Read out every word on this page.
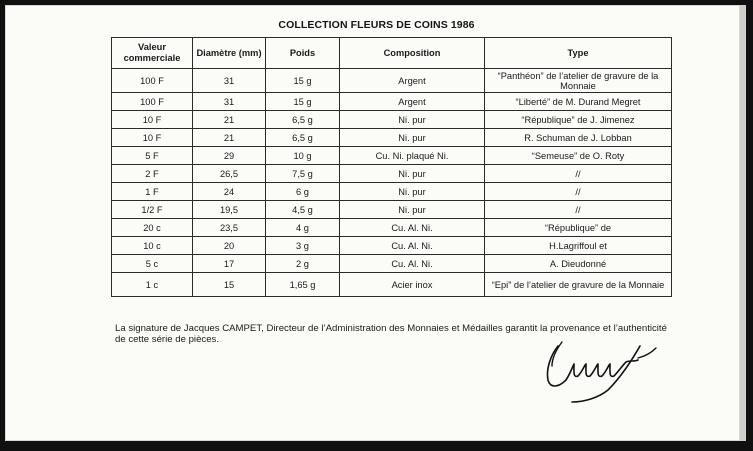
COLLECTION FLEURS DE COINS 1986
Valeur commerciale	Diamètre (mm)	Poids	Composition	Type
100 F	31	15 g	Argent	“Panthéon” de l’atelier de gravure de la Monnaie
100 F	31	15 g	Argent	“Liberté” de M. Durand Megret
10 F	21	6,5 g	Ni. pur	“République” de J. Jimenez
10 F	21	6,5 g	Ni. pur	R. Schuman de J. Lobban
5 F	29	10 g	Cu. Ni. plaqué Ni.	“Semeuse” de O. Roty
2 F	26,5	7,5 g	Ni. pur	//
1 F	24	6 g	Ni. pur	//
1/2 F	19,5	4,5 g	Ni. pur	//
20 c	23,5	4 g	Cu. Al. Ni.	“République” de
10 c	20	3 g	Cu. Al. Ni.	H.Lagriffoul et
5 c	17	2 g	Cu. Al. Ni.	A. Dieudonné
1 c	15	1,65 g	Acier inox	“Epi” de l’atelier de gravure de la Monnaie
La signature de Jacques CAMPET, Directeur de l’Administration des Monnaies et Médailles garantit la provenance et l’authenticité de cette série de pièces.
